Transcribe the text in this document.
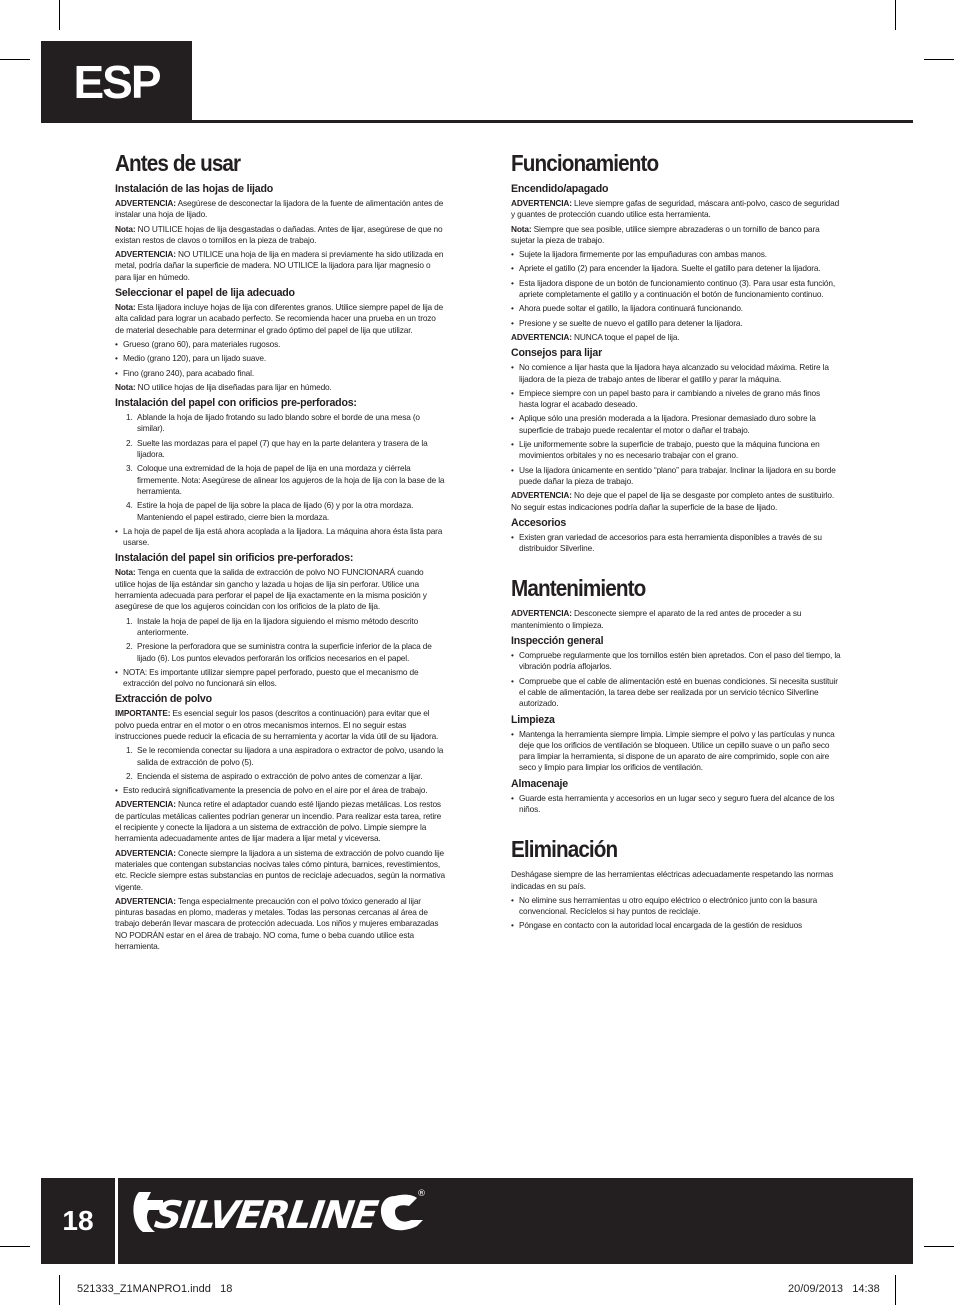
ESP
Antes de usar
Instalación de las hojas de lijado

ADVERTENCIA: Asegúrese de desconectar la lijadora de la fuente de alimentación antes de instalar una hoja de lijado.

Nota: NO UTILICE hojas de lija desgastadas o dañadas. Antes de lijar, asegúrese de que no existan restos de clavos o tornillos en la pieza de trabajo.

ADVERTENCIA: NO UTILICE una hoja de lija en madera si previamente ha sido utilizada en metal, podría dañar la superficie de madera. NO UTILICE la lijadora para lijar magnesio o para lijar en húmedo.

Seleccionar el papel de lija adecuado

Nota: Esta lijadora incluye hojas de lija con diferentes granos. Utilice siempre papel de lija de alta calidad para lograr un acabado perfecto. Se recomienda hacer una prueba en un trozo de material desechable para determinar el grado óptimo del papel de lija que utilizar.

• Grueso (grano 60), para materiales rugosos.
• Medio (grano 120), para un lijado suave.
• Fino (grano 240), para acabado final.

Nota: NO utilice hojas de lija diseñadas para lijar en húmedo.

Instalación del papel con orificios pre-perforados:
1. Ablande la hoja de lijado frotando su lado blando sobre el borde de una mesa (o similar).
2. Suelte las mordazas para el papel (7) que hay en la parte delantera y trasera de la lijadora.
3. Coloque una extremidad de la hoja de papel de lija en una mordaza y ciérrela firmemente. Nota: Asegúrese de alinear los agujeros de la hoja de lija con la base de la herramienta.
4. Estire la hoja de papel de lija sobre la placa de lijado (6) y por la otra mordaza. Manteniendo el papel estirado, cierre bien la mordaza.
• La hoja de papel de lija está ahora acoplada a la lijadora. La máquina ahora ésta lista para usarse.
Instalación del papel sin orificios pre-perforados:

Nota: Tenga en cuenta que la salida de extracción de polvo NO FUNCIONARÁ cuando utilice hojas de lija estándar sin gancho y lazada u hojas de lija sin perforar. Utilice una herramienta adecuada para perforar el papel de lija exactamente en la misma posición y asegúrese de que los agujeros coincidan con los orificios de la plato de lija.

1. Instale la hoja de papel de lija en la lijadora siguiendo el mismo método descrito anteriormente.
2. Presione la perforadora que se suministra contra la superficie inferior de la placa de lijado (6). Los puntos elevados perforarán los orificios necesarios en el papel.
• NOTA: Es importante utilizar siempre papel perforado, puesto que el mecanismo de extracción del polvo no funcionará sin ellos.
Extracción de polvo

IMPORTANTE: Es esencial seguir los pasos (descritos a continuación) para evitar que el polvo pueda entrar en el motor o en otros mecanismos internos. El no seguir estas instrucciones puede reducir la eficacia de su herramienta y acortar la vida útil de su lijadora.

1. Se le recomienda conectar su lijadora a una aspiradora o extractor de polvo, usando la salida de extracción de polvo (5).
2. Encienda el sistema de aspirado o extracción de polvo antes de comenzar a lijar.
• Esto reducirá significativamente la presencia de polvo en el aire por el área de trabajo.

ADVERTENCIA: Nunca retire el adaptador cuando esté lijando piezas metálicas. Los restos de partículas metálicas calientes podrían generar un incendio. Para realizar esta tarea, retire el recipiente y conecte la lijadora a un sistema de extracción de polvo. Limpie siempre la herramienta adecuadamente antes de lijar madera a lijar metal y viceversa.

ADVERTENCIA: Conecte siempre la lijadora a un sistema de extracción de polvo cuando lije materiales que contengan substancias nocivas tales cómo pintura, barnices, revestimientos, etc. Recicle siempre estas substancias en puntos de reciclaje adecuados, según la normativa vigente.

ADVERTENCIA: Tenga especialmente precaución con el polvo tóxico generado al lijar pinturas basadas en plomo, maderas y metales. Todas las personas cercanas al área de trabajo deberán llevar mascara de protección adecuada. Los niños y mujeres embarazadas NO PODRÁN estar en el área de trabajo. NO coma, fume o beba cuando utilice esta herramienta.

Funcionamiento
Encendido/apagado

ADVERTENCIA: Lleve siempre gafas de seguridad, máscara anti-polvo, casco de seguridad y guantes de protección cuando utilice esta herramienta.

Nota: Siempre que sea posible, utilice siempre abrazaderas o un tornillo de banco para sujetar la pieza de trabajo.

• Sujete la lijadora firmemente por las empuñaduras con ambas manos.
• Apriete el gatillo (2) para encender la lijadora. Suelte el gatillo para detener la lijadora.
• Esta lijadora dispone de un botón de funcionamiento continuo (3). Para usar esta función, apriete completamente el gatillo y a continuación el botón de funcionamiento continuo.
• Ahora puede soltar el gatillo, la lijadora continuará funcionando.
• Presione y se suelte de nuevo el gatillo para detener la lijadora.

ADVERTENCIA: NUNCA toque el papel de lija.

Consejos para lijar
• No comience a lijar hasta que la lijadora haya alcanzado su velocidad máxima. Retire la lijadora de la pieza de trabajo antes de liberar el gatillo y parar la máquina.
• Empiece siempre con un papel basto para ir cambiando a niveles de grano más finos hasta lograr el acabado deseado.
• Aplique sólo una presión moderada a la lijadora. Presionar demasiado duro sobre la superficie de trabajo puede recalentar el motor o dañar el trabajo.
• Lije uniformemente sobre la superficie de trabajo, puesto que la máquina funciona en movimientos orbitales y no es necesario trabajar con el grano.
• Use la lijadora únicamente en sentido “plano” para trabajar. Inclinar la lijadora en su borde puede dañar la pieza de trabajo.

ADVERTENCIA: No deje que el papel de lija se desgaste por completo antes de sustituirlo. No seguir estas indicaciones podría dañar la superficie de la base de lijado.

Accesorios
• Existen gran variedad de accesorios para esta herramienta disponibles a través de su distribuidor Silverline.
Mantenimiento

ADVERTENCIA: Desconecte siempre el aparato de la red antes de proceder a su mantenimiento o limpieza.

Inspección general
• Compruebe regularmente que los tornillos estén bien apretados. Con el paso del tiempo, la vibración podría aflojarlos.
• Compruebe que el cable de alimentación esté en buenas condiciones. Si necesita sustituir el cable de alimentación, la tarea debe ser realizada por un servicio técnico Silverline autorizado.
Limpieza
• Mantenga la herramienta siempre limpia. Limpie siempre el polvo y las partículas y nunca deje que los orificios de ventilación se bloqueen. Utilice un cepillo suave o un paño seco para limpiar la herramienta, si dispone de un aparato de aire comprimido, sople con aire seco y limpio para limpiar los orificios de ventilación.
Almacenaje
• Guarde esta herramienta y accesorios en un lugar seco y seguro fuera del alcance de los niños.
Eliminación

Deshágase siempre de las herramientas eléctricas adecuadamente respetando las normas indicadas en su país.

• No elimine sus herramientas u otro equipo eléctrico o electrónico junto con la basura convencional. Recíclelos si hay puntos de reciclaje.
• Póngase en contacto con la autoridad local encargada de la gestión de residuos
18 SILVERLINE
®
521333_Z1MANPRO1.indd   18	20/09/2013   14:38
